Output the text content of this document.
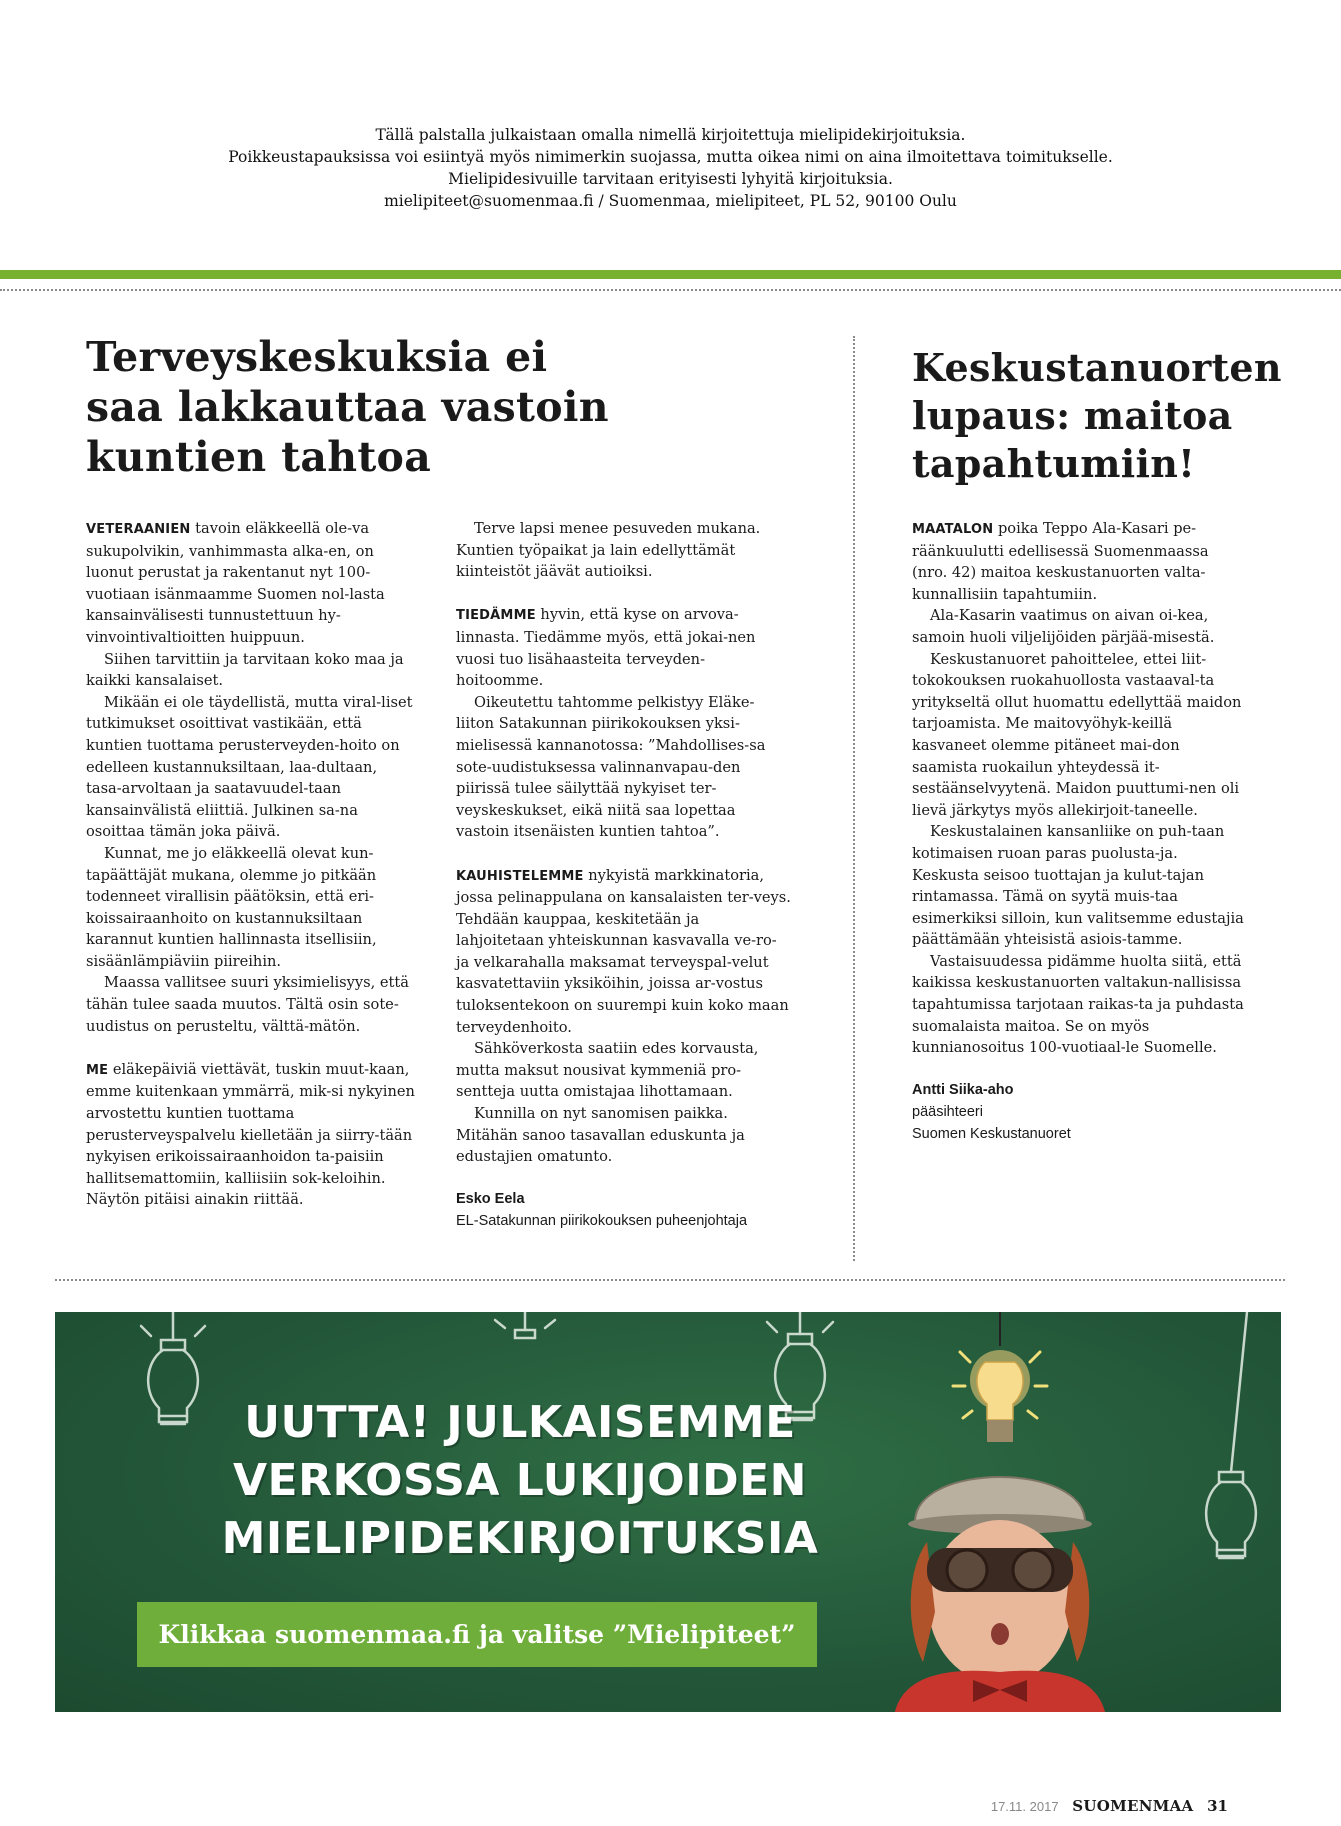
Tällä palstalla julkaistaan omalla nimellä kirjoitettuja mielipidekirjoituksia.
Poikkeustapauksissa voi esiintyä myös nimimerkin suojassa, mutta oikea nimi on aina ilmoitettava toimitukselle.
Mielipidesivuille tarvitaan erityisesti lyhyitä kirjoituksia.
mielipiteet@suomenmaa.fi / Suomenmaa, mielipiteet, PL 52, 90100 Oulu
Terveyskeskuksia ei
saa lakkauttaa vastoin
kuntien tahtoa
Keskustanuorten
lupaus: maitoa
tapahtumiin!

VETERAANIEN tavoin eläkkeellä ole-va sukupolvikin, vanhimmasta alka-en, on luonut perustat ja rakentanut nyt 100-vuotiaan isänmaamme Suomen nol-lasta kansainvälisesti tunnustettuun hy-vinvointivaltioitten huippuun.

Siihen tarvittiin ja tarvitaan koko maa ja kaikki kansalaiset.

Mikään ei ole täydellistä, mutta viral-liset tutkimukset osoittivat vastikään, että kuntien tuottama perusterveyden-hoito on edelleen kustannuksiltaan, laa-dultaan, tasa-arvoltaan ja saatavuudel-taan kansainvälistä eliittiä. Julkinen sa-na osoittaa tämän joka päivä.

Kunnat, me jo eläkkeellä olevat kun-tapäättäjät mukana, olemme jo pitkään todenneet virallisin päätöksin, että eri-koissairaanhoito on kustannuksiltaan karannut kuntien hallinnasta itsellisiin, sisäänlämpiäviin piireihin.

Maassa vallitsee suuri yksimielisyys, että tähän tulee saada muutos. Tältä osin sote-uudistus on perusteltu, välttä-mätön.

ME eläkepäiviä viettävät, tuskin muut-kaan, emme kuitenkaan ymmärrä, mik-si nykyinen arvostettu kuntien tuottama perusterveyspalvelu kielletään ja siirry-tään nykyisen erikoissairaanhoidon ta-paisiin hallitsemattomiin, kalliisiin sok-keloihin. Näytön pitäisi ainakin riittää.

Terve lapsi menee pesuveden mukana. Kuntien työpaikat ja lain edellyttämät kiinteistöt jäävät autioiksi.

TIEDÄMME hyvin, että kyse on arvova-linnasta. Tiedämme myös, että jokai-nen vuosi tuo lisähaasteita terveyden-hoitoomme.

Oikeutettu tahtomme pelkistyy Eläke-liiton Satakunnan piirikokouksen yksi-mielisessä kannanotossa: ”Mahdollises-sa sote-uudistuksessa valinnanvapau-den piirissä tulee säilyttää nykyiset ter-veyskeskukset, eikä niitä saa lopettaa vastoin itsenäisten kuntien tahtoa”.

KAUHISTELEMME nykyistä markkinatoria, jossa pelinappulana on kansalaisten ter-veys. Tehdään kauppaa, keskitetään ja lahjoitetaan yhteiskunnan kasvavalla ve-ro- ja velkarahalla maksamat terveyspal-velut kasvatettaviin yksiköihin, joissa ar-vostus tuloksentekoon on suurempi kuin koko maan terveydenhoito.

Sähköverkosta saatiin edes korvausta, mutta maksut nousivat kymmeniä pro-sentteja uutta omistajaa lihottamaan.

Kunnilla on nyt sanomisen paikka. Mitähän sanoo tasavallan eduskunta ja edustajien omatunto.

Esko Eela
EL-Satakunnan piirikokouksen puheenjohtaja

MAATALON poika Teppo Ala-Kasari pe-räänkuulutti edellisessä Suomenmaassa (nro. 42) maitoa keskustanuorten valta-kunnallisiin tapahtumiin.

Ala-Kasarin vaatimus on aivan oi-kea, samoin huoli viljelijöiden pärjää-misestä.

Keskustanuoret pahoittelee, ettei liit-tokokouksen ruokahuollosta vastaaval-ta yritykseltä ollut huomattu edellyttää maidon tarjoamista. Me maitovyöhyk-keillä kasvaneet olemme pitäneet mai-don saamista ruokailun yhteydessä it-sestäänselvyytenä. Maidon puuttumi-nen oli lievä järkytys myös allekirjoit-taneelle.

Keskustalainen kansanliike on puh-taan kotimaisen ruoan paras puolusta-ja. Keskusta seisoo tuottajan ja kulut-tajan rintamassa. Tämä on syytä muis-taa esimerkiksi silloin, kun valitsemme edustajia päättämään yhteisistä asiois-tamme.

Vastaisuudessa pidämme huolta siitä, että kaikissa keskustanuorten valtakun-nallisissa tapahtumissa tarjotaan raikas-ta ja puhdasta suomalaista maitoa. Se on myös kunnianosoitus 100-vuotiaal-le Suomelle.

Antti Siika-aho
pääsihteeri
Suomen Keskustanuoret
UUTTA! JULKAISEMME
VERKOSSA LUKIJOIDEN
MIELIPIDEKIRJOITUKSIA
Klikkaa suomenmaa.fi ja valitse ”Mielipiteet”
17.11. 2017 SUOMENMAA 31
